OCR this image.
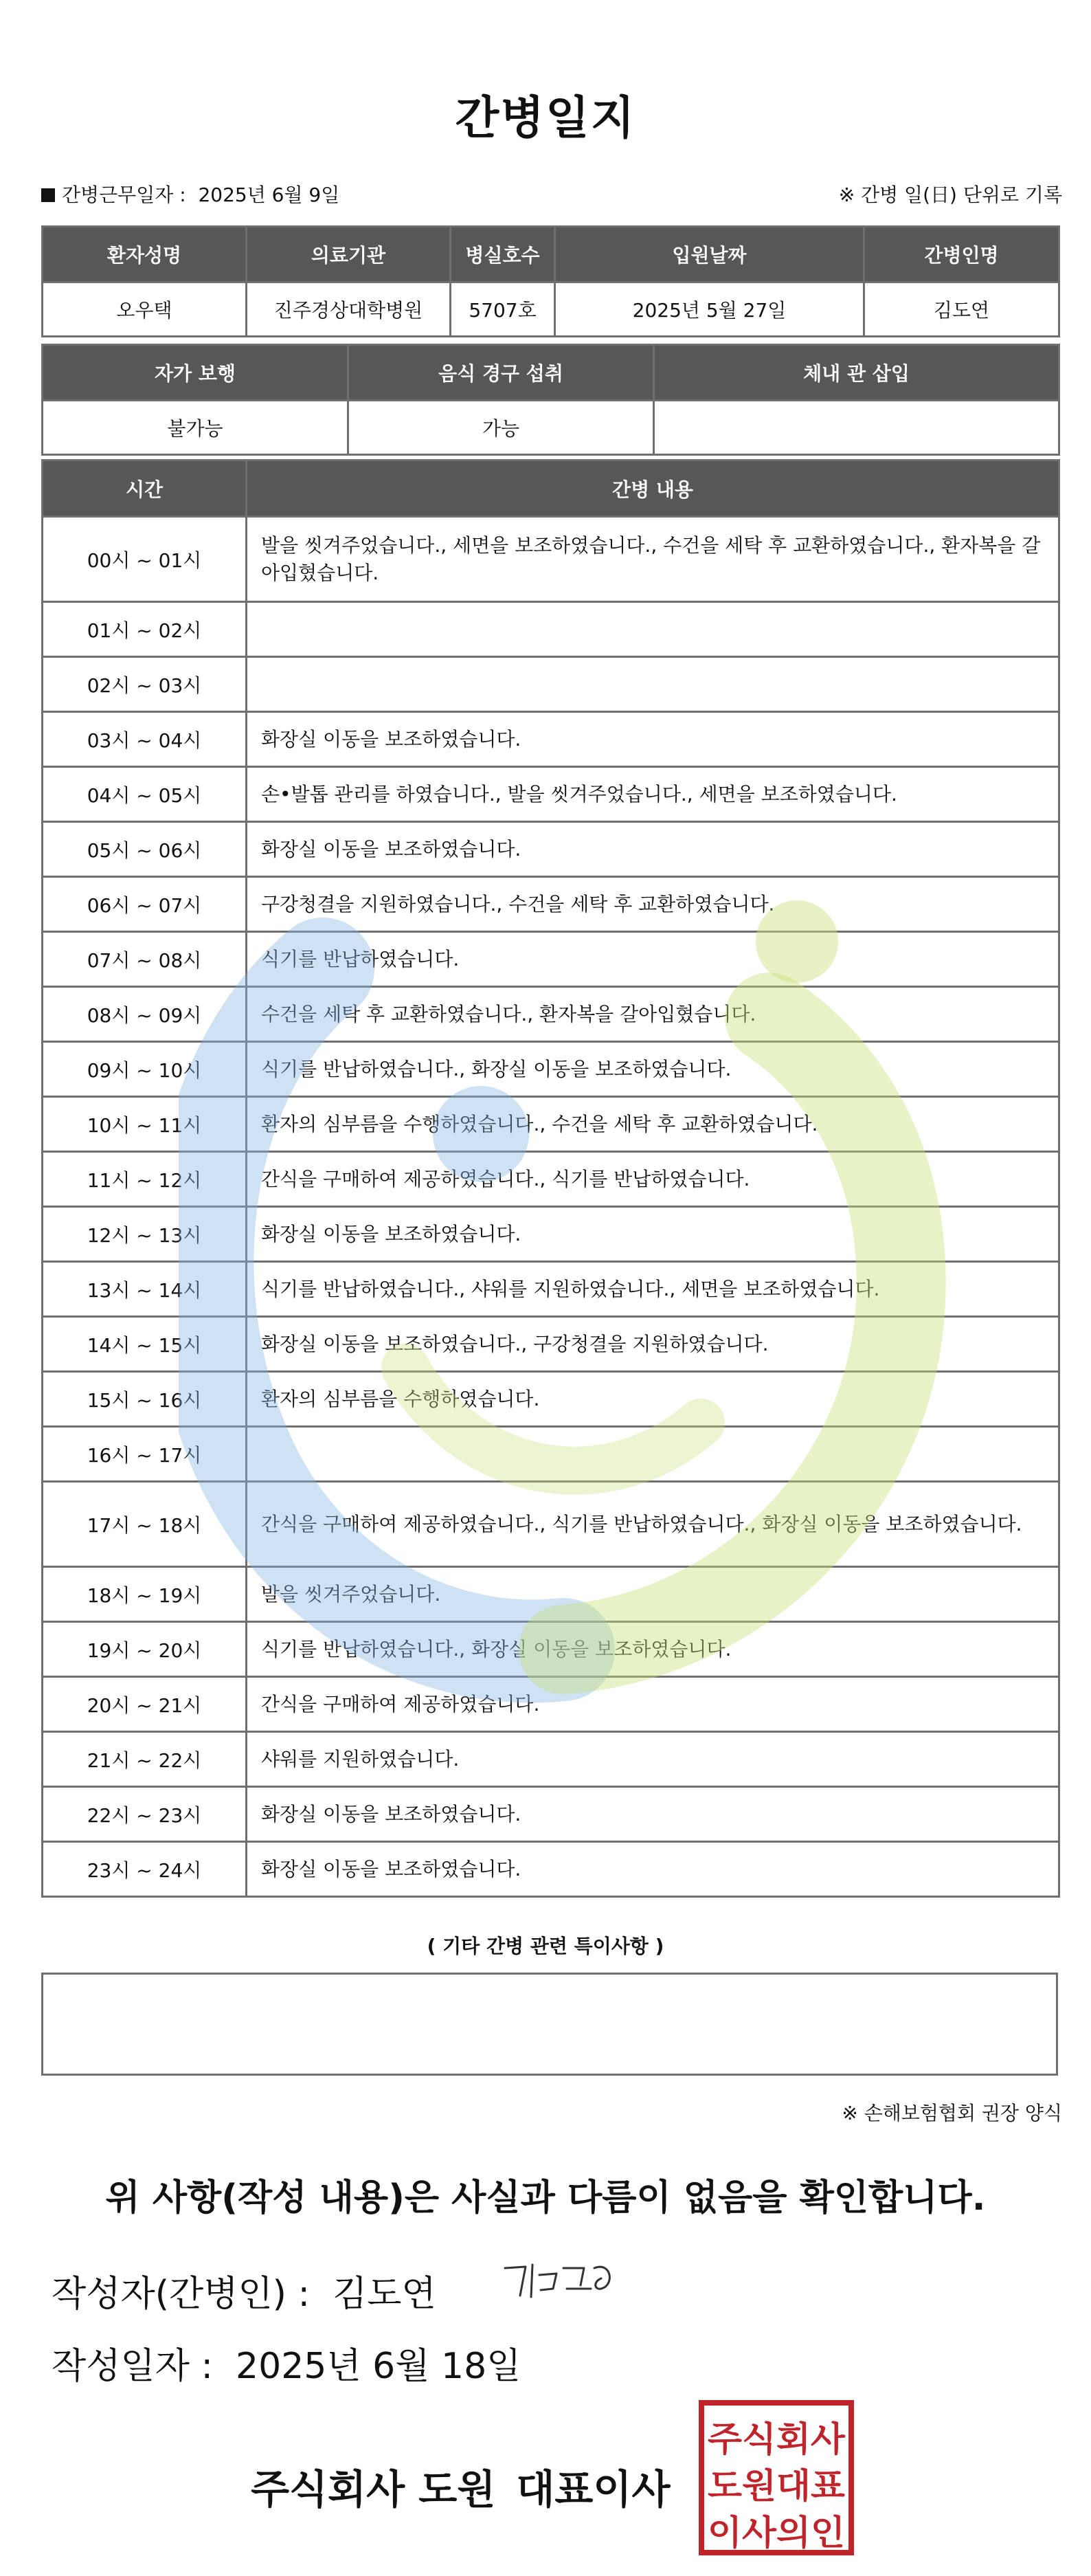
간병일지
간병근무일자 : 2025년 6월 9일	※ 간병 일(日) 단위로 기록
환자성명	의료기관	병실호수	입원날짜	간병인명
오우택	진주경상대학병원	5707호	2025년 5월 27일	김도연
자가 보행	음식 경구 섭취	체내 관 삽입
불가능	가능	
시간	간병 내용
00시 ~ 01시	발을 씻겨주었습니다., 세면을 보조하였습니다., 수건을 세탁 후 교환하였습니다., 환자복을 갈아입혔습니다.
01시 ~ 02시	
02시 ~ 03시	
03시 ~ 04시	화장실 이동을 보조하였습니다.
04시 ~ 05시	손•발톱 관리를 하였습니다., 발을 씻겨주었습니다., 세면을 보조하였습니다.
05시 ~ 06시	화장실 이동을 보조하였습니다.
06시 ~ 07시	구강청결을 지원하였습니다., 수건을 세탁 후 교환하였습니다.
07시 ~ 08시	식기를 반납하였습니다.
08시 ~ 09시	수건을 세탁 후 교환하였습니다., 환자복을 갈아입혔습니다.
09시 ~ 10시	식기를 반납하였습니다., 화장실 이동을 보조하였습니다.
10시 ~ 11시	환자의 심부름을 수행하였습니다., 수건을 세탁 후 교환하였습니다.
11시 ~ 12시	간식을 구매하여 제공하였습니다., 식기를 반납하였습니다.
12시 ~ 13시	화장실 이동을 보조하였습니다.
13시 ~ 14시	식기를 반납하였습니다., 샤워를 지원하였습니다., 세면을 보조하였습니다.
14시 ~ 15시	화장실 이동을 보조하였습니다., 구강청결을 지원하였습니다.
15시 ~ 16시	환자의 심부름을 수행하였습니다.
16시 ~ 17시	
17시 ~ 18시	간식을 구매하여 제공하였습니다., 식기를 반납하였습니다., 화장실 이동을 보조하였습니다.
18시 ~ 19시	발을 씻겨주었습니다.
19시 ~ 20시	식기를 반납하였습니다., 화장실 이동을 보조하였습니다.
20시 ~ 21시	간식을 구매하여 제공하였습니다.
21시 ~ 22시	샤워를 지원하였습니다.
22시 ~ 23시	화장실 이동을 보조하였습니다.
23시 ~ 24시	화장실 이동을 보조하였습니다.
( 기타 간병 관련 특이사항 )
※ 손해보험협회 권장 양식
위 사항(작성 내용)은 사실과 다름이 없음을 확인합니다.
작성자(간병인) : 김도연
작성일자 : 2025년 6월 18일
주식회사 도원 대표이사
주식회사
도원대표
이사의인
